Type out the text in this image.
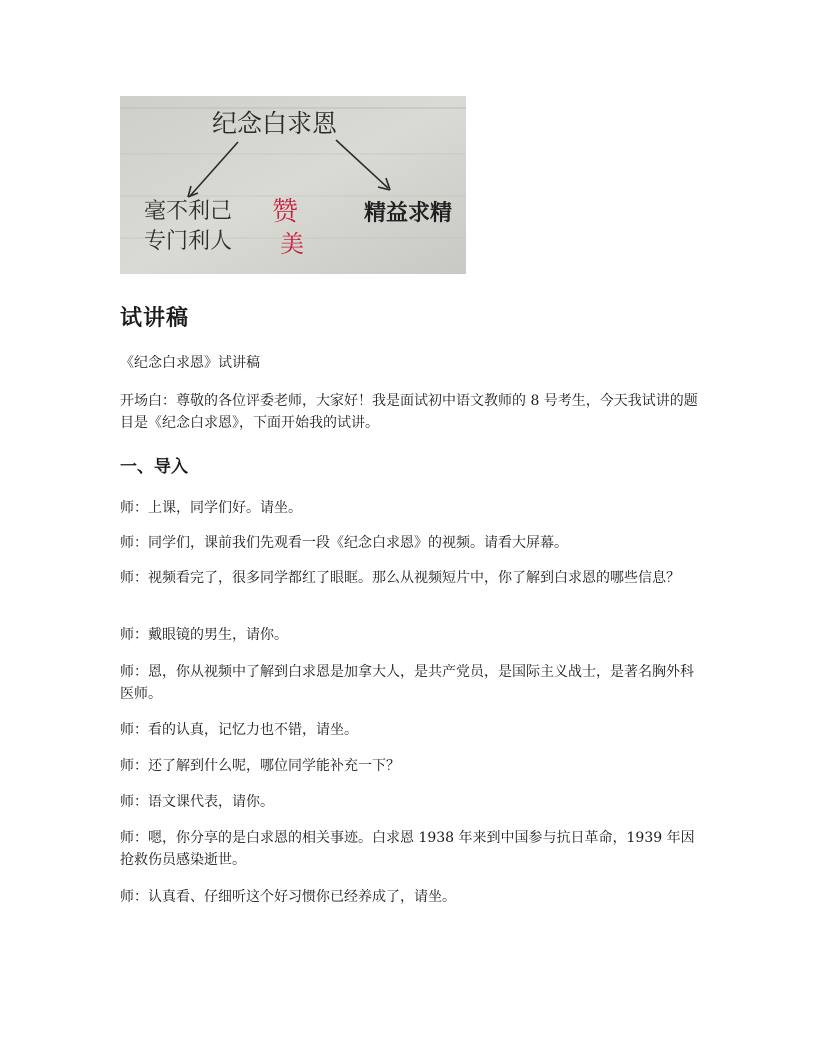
纪念白求恩
毫不利己
专门利人
赞
美
精益求精
试讲稿

《纪念白求恩》试讲稿

开场白：尊敬的各位评委老师，大家好！我是面试初中语文教师的 8 号考生，今天我试讲的题目是《纪念白求恩》，下面开始我的试讲。

一、导入

师：上课，同学们好。请坐。

师：同学们，课前我们先观看一段《纪念白求恩》的视频。请看大屏幕。

师：视频看完了，很多同学都红了眼眶。那么从视频短片中，你了解到白求恩的哪些信息？

师：戴眼镜的男生，请你。

师：恩，你从视频中了解到白求恩是加拿大人，是共产党员，是国际主义战士，是著名胸外科医师。

师：看的认真，记忆力也不错，请坐。

师：还了解到什么呢，哪位同学能补充一下？

师：语文课代表，请你。

师：嗯，你分享的是白求恩的相关事迹。白求恩 1938 年来到中国参与抗日革命，1939 年因抢救伤员感染逝世。

师：认真看、仔细听这个好习惯你已经养成了，请坐。
